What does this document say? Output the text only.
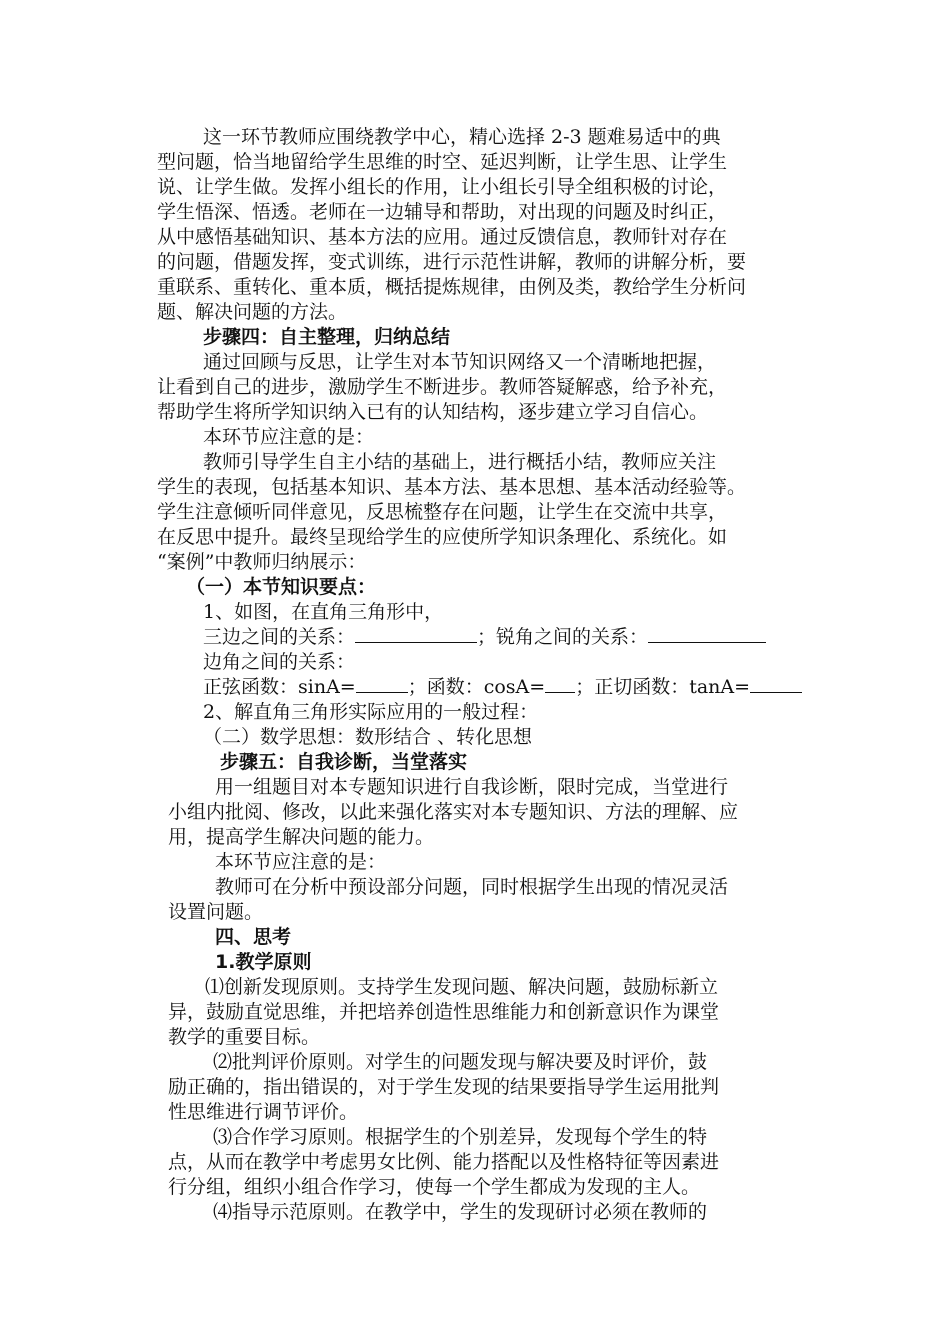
这一环节教师应围绕教学中心，精心选择 2-3 题难易适中的典
型问题，恰当地留给学生思维的时空、延迟判断，让学生思、让学生
说、让学生做。发挥小组长的作用，让小组长引导全组积极的讨论，
学生悟深、悟透。老师在一边辅导和帮助，对出现的问题及时纠正，
从中感悟基础知识、基本方法的应用。通过反馈信息，教师针对存在
的问题，借题发挥，变式训练，进行示范性讲解，教师的讲解分析，要
重联系、重转化、重本质，概括提炼规律，由例及类，教给学生分析问
题、解决问题的方法。
步骤四：自主整理，归纳总结
通过回顾与反思，让学生对本节知识网络又一个清晰地把握，
让看到自己的进步，激励学生不断进步。教师答疑解惑，给予补充，
帮助学生将所学知识纳入已有的认知结构，逐步建立学习自信心。
本环节应注意的是：
教师引导学生自主小结的基础上，进行概括小结，教师应关注
学生的表现，包括基本知识、基本方法、基本思想、基本活动经验等。
学生注意倾听同伴意见，反思梳整存在问题，让学生在交流中共享，
在反思中提升。最终呈现给学生的应使所学知识条理化、系统化。如
“案例”中教师归纳展示：
（一）本节知识要点：
1、如图，在直角三角形中，
三边之间的关系：	；锐角之间的关系：
边角之间的关系：
正弦函数：sinA=	；函数：cosA= ；正切函数：tanA=
2、解直角三角形实际应用的一般过程：
（二）数学思想：数形结合 、转化思想
步骤五：自我诊断，当堂落实
用一组题目对本专题知识进行自我诊断，限时完成，当堂进行
小组内批阅、修改，以此来强化落实对本专题知识、方法的理解、应
用，提高学生解决问题的能力。
本环节应注意的是：
教师可在分析中预设部分问题，同时根据学生出现的情况灵活
设置问题。
四、思考
1.教学原则
⑴创新发现原则。支持学生发现问题、解决问题，鼓励标新立
异，鼓励直觉思维，并把培养创造性思维能力和创新意识作为课堂
教学的重要目标。
⑵批判评价原则。对学生的问题发现与解决要及时评价，鼓
励正确的，指出错误的，对于学生发现的结果要指导学生运用批判
性思维进行调节评价。
⑶合作学习原则。根据学生的个别差异，发现每个学生的特
点，从而在教学中考虑男女比例、能力搭配以及性格特征等因素进
行分组，组织小组合作学习，使每一个学生都成为发现的主人。
⑷指导示范原则。在教学中，学生的发现研讨必须在教师的
